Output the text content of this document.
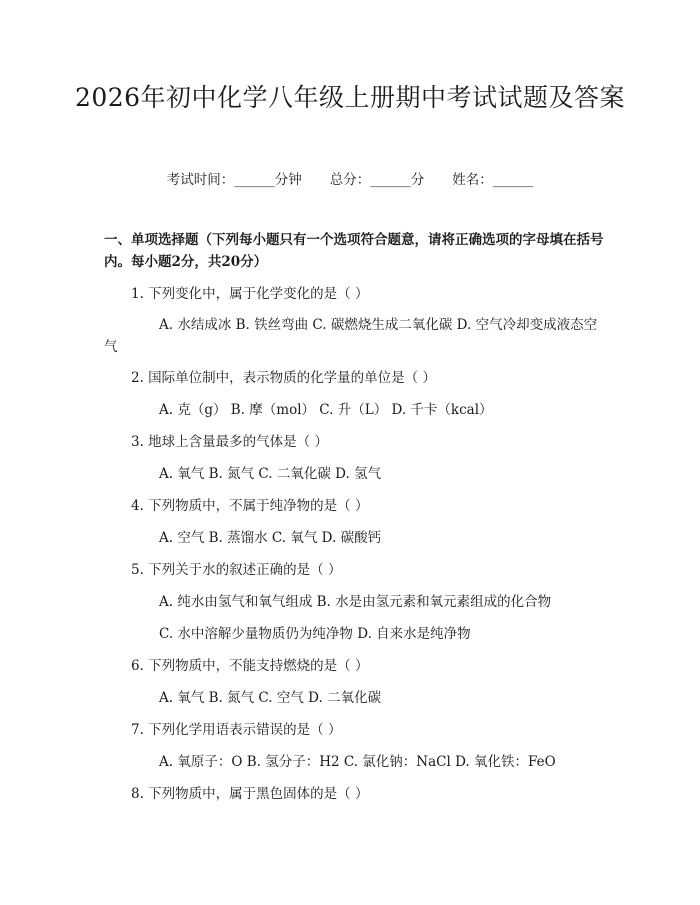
2026年初中化学八年级上册期中考试试题及答案
考试时间：______分钟 总分：______分 姓名：______
一、单项选择题（下列每小题只有一个选项符合题意，请将正确选项的字母填在括号内。每小题2分，共20分）
1. 下列变化中，属于化学变化的是（ ）
A. 水结成冰 B. 铁丝弯曲 C. 碳燃烧生成二氧化碳 D. 空气冷却变成液态空气
2. 国际单位制中，表示物质的化学量的单位是（ ）
A. 克（g） B. 摩（mol） C. 升（L） D. 千卡（kcal）
3. 地球上含量最多的气体是（ ）
A. 氧气 B. 氮气 C. 二氧化碳 D. 氢气
4. 下列物质中，不属于纯净物的是（ ）
A. 空气 B. 蒸馏水 C. 氧气 D. 碳酸钙
5. 下列关于水的叙述正确的是（ ）
A. 纯水由氢气和氧气组成 B. 水是由氢元素和氧元素组成的化合物
C. 水中溶解少量物质仍为纯净物 D. 自来水是纯净物
6. 下列物质中，不能支持燃烧的是（ ）
A. 氧气 B. 氮气 C. 空气 D. 二氧化碳
7. 下列化学用语表示错误的是（ ）
A. 氧原子：O B. 氢分子：H2 C. 氯化钠：NaCl D. 氧化铁：FeO
8. 下列物质中，属于黑色固体的是（ ）
